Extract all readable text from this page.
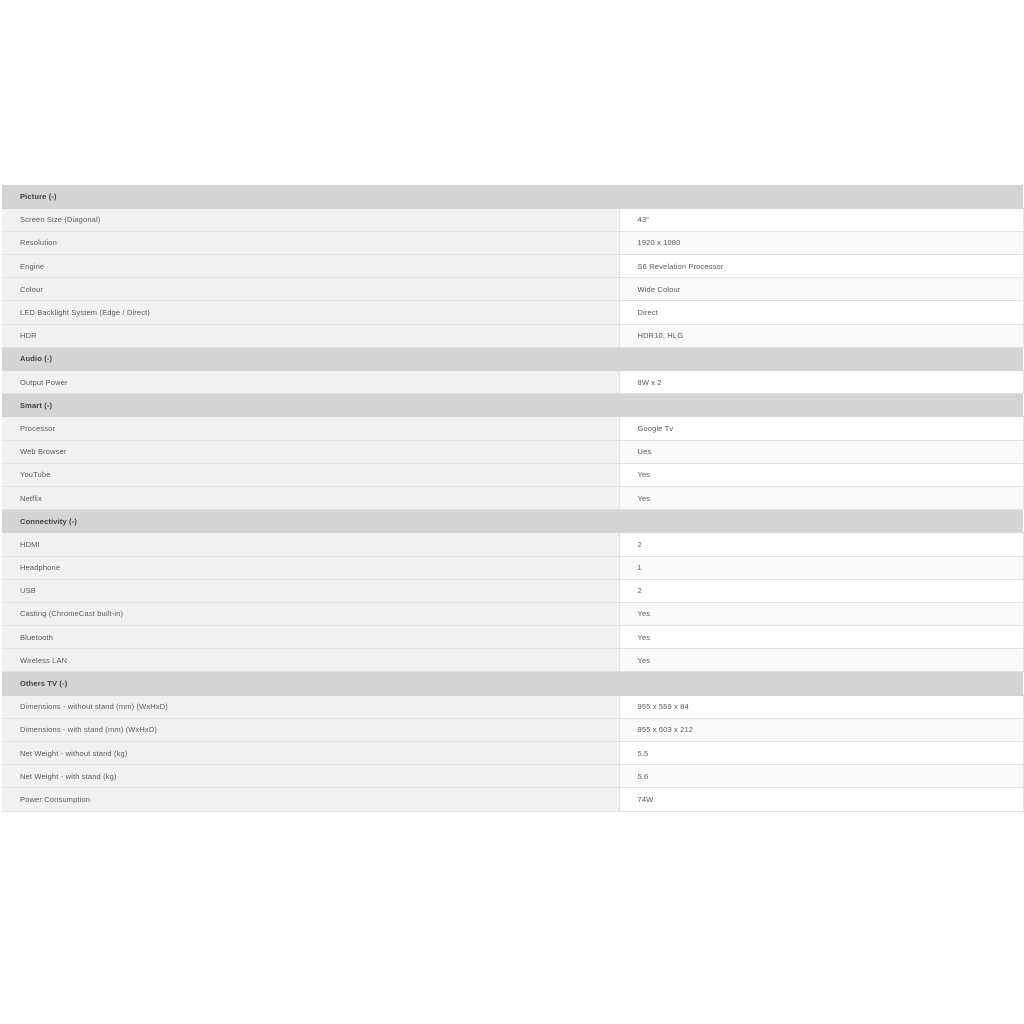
Picture (-)	
Screen Size (Diagonal)	43"
Resolution	1920 x 1080
Engine	S6 Revelation Processor
Colour	Wide Colour
LED Backlight System (Edge / Direct)	Direct
HDR	HDR10, HLG
Audio (-)	
Output Power	8W x 2
Smart (-)	
Processor	Google Tv
Web Browser	Ues
YouTube	Yes
Netflix	Yes
Connectivity (-)	
HDMI	2
Headphone	1
USB	2
Casting (ChromeCast built-in)	Yes
Bluetooth	Yes
Wireless LAN	Yes
Others TV (-)	
Dimensions - without stand (mm) (WxHxD)	955 x 559 x 84
Dimensions - with stand (mm) (WxHxD)	955 x 603 x 212
Net Weight - without stand (kg)	5.5
Net Weight - with stand (kg)	5.6
Power Consumption	74W
